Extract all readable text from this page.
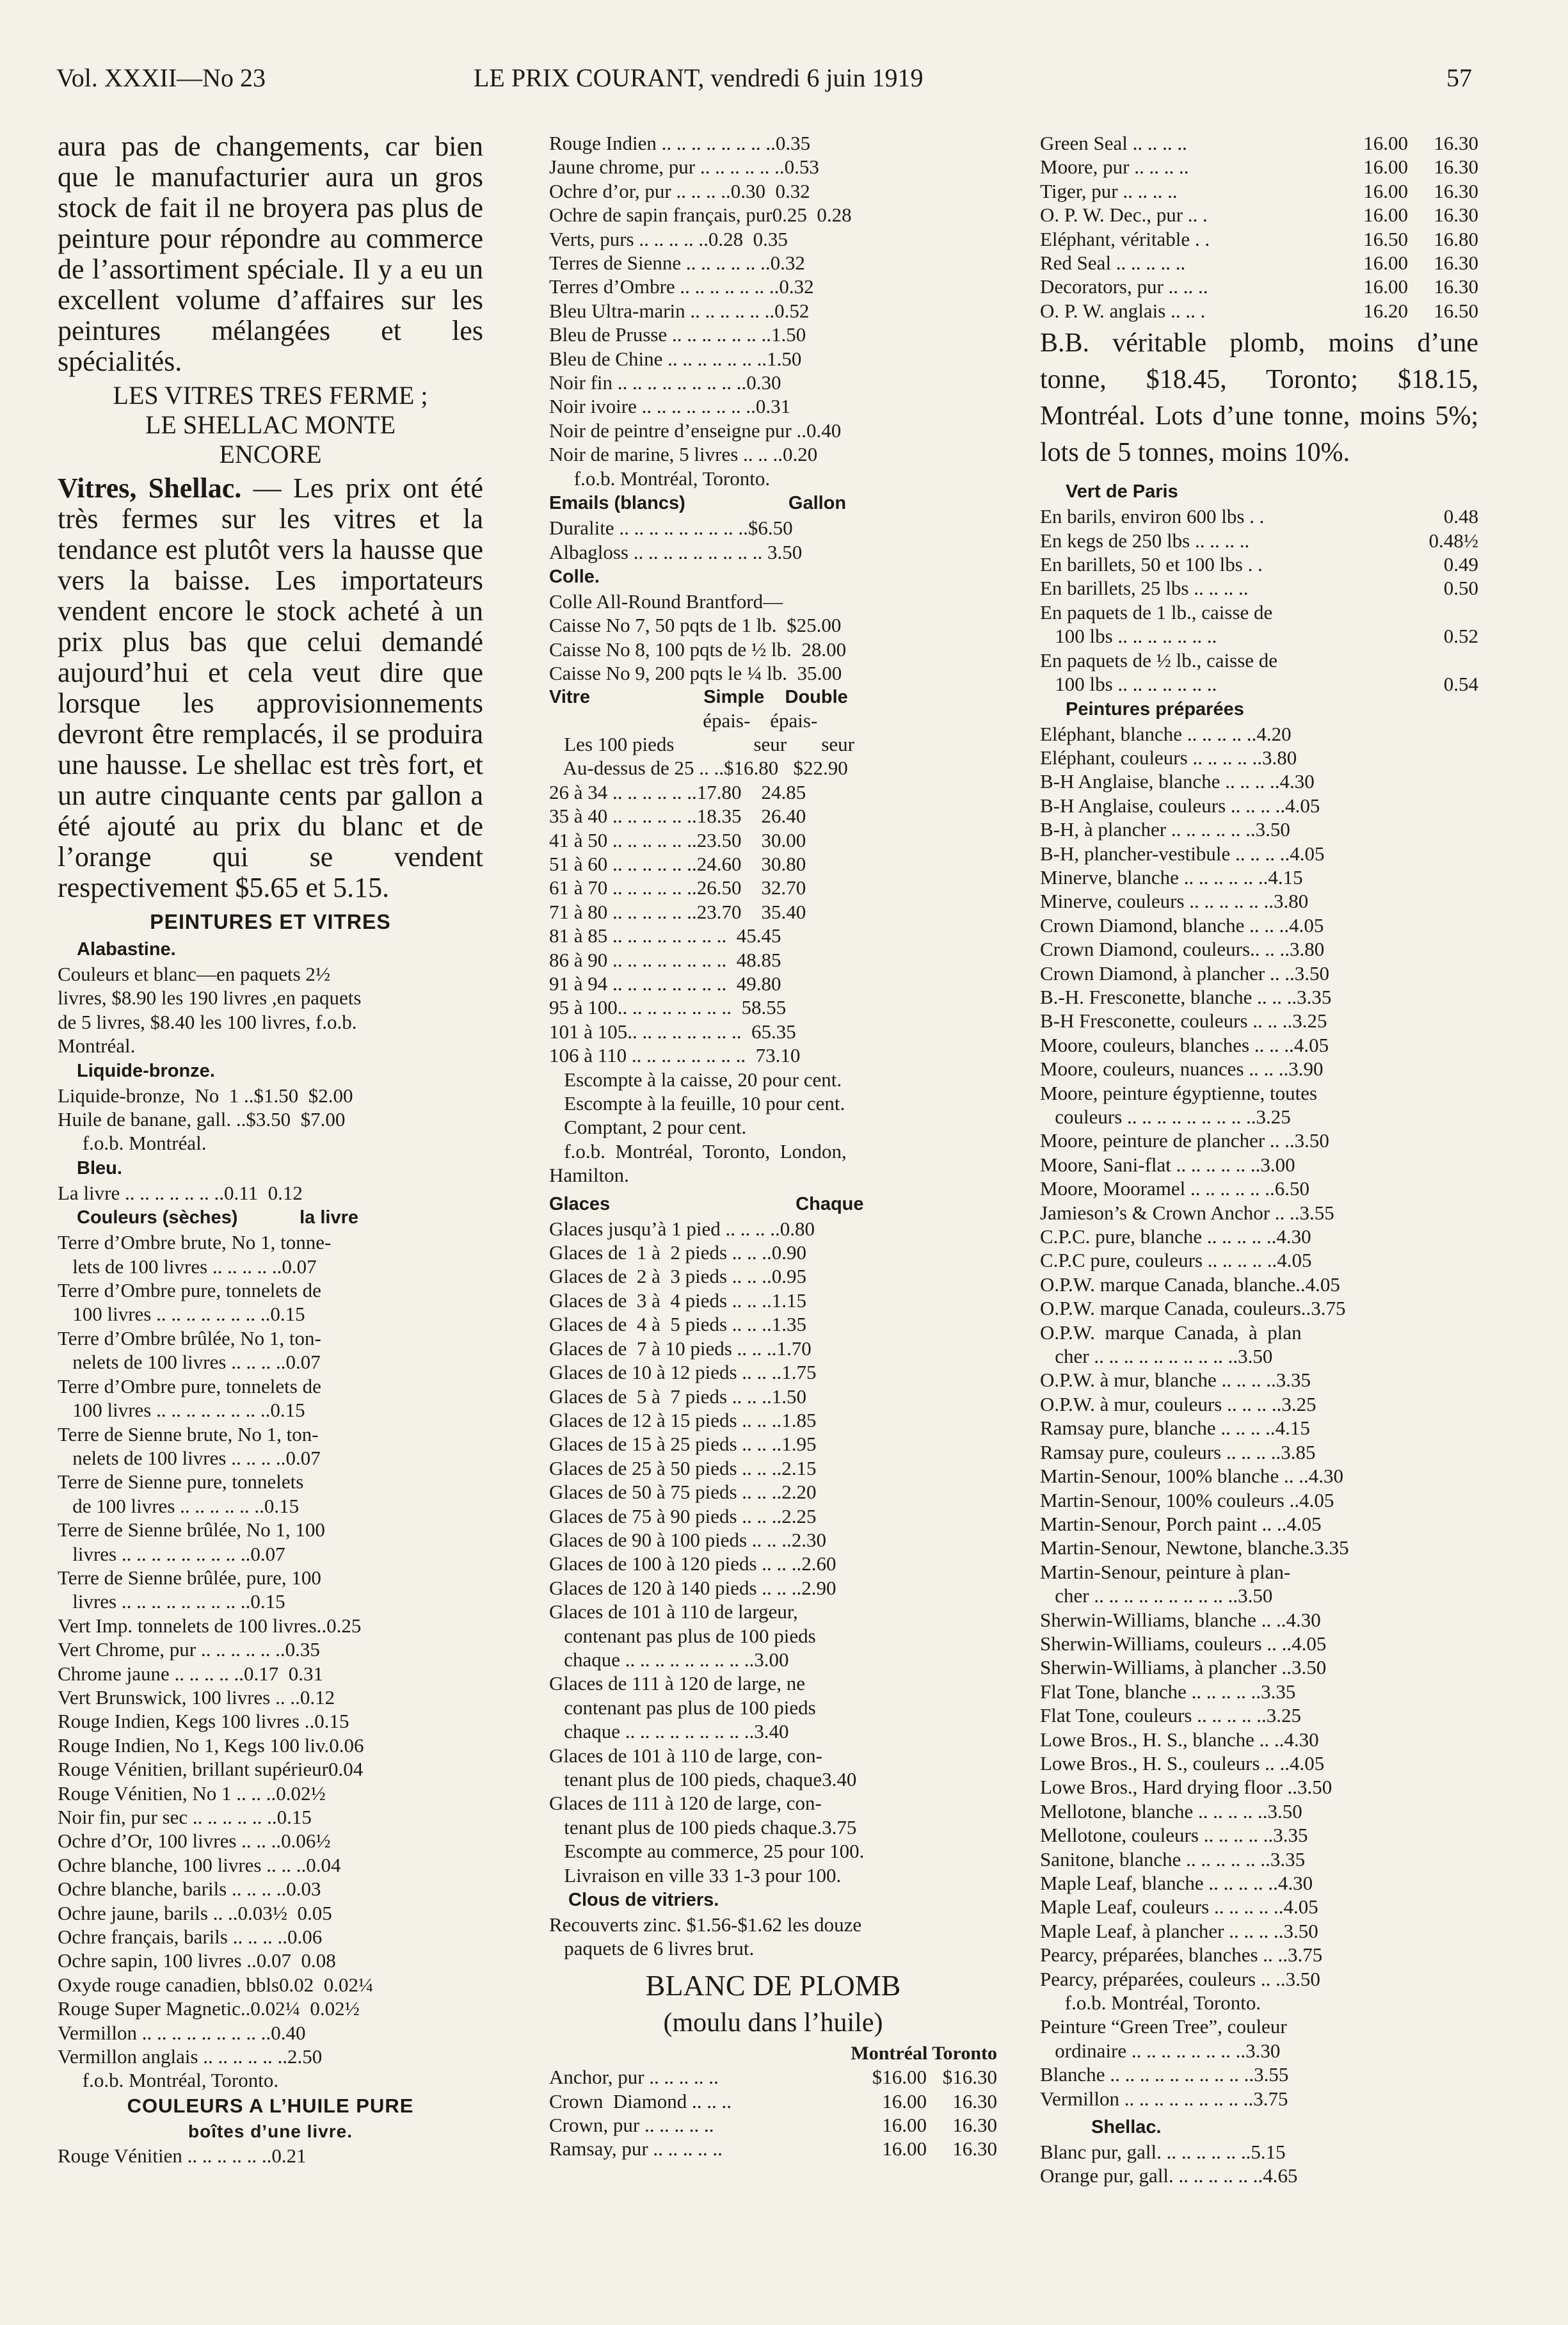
Vol. XXXII—No 23	LE PRIX COURANT, vendredi 6 juin 1919	57

aura pas de changements, car bien que le manufacturier aura un gros stock de fait il ne broyera pas plus de peinture pour répondre au commerce de l’assortiment spéciale. Il y a eu un excellent volume d’affaires sur les peintures mélangées et les spécialités.

LES VITRES TRES FERME ;
LE SHELLAC MONTE
ENCORE

Vitres, Shellac. — Les prix ont été très fermes sur les vitres et la tendance est plutôt vers la hausse que vers la baisse. Les importateurs vendent encore le stock acheté à un prix plus bas que celui demandé aujourd’hui et cela veut dire que lorsque les approvisionnements devront être remplacés, il se produira une hausse. Le shellac est très fort, et un autre cinquante cents par gallon a été ajouté au prix du blanc et de l’orange qui se vendent respectivement $5.65 et 5.15.

PEINTURES ET VITRES
Alabastine.
Couleurs et blanc—en paquets 2½
livres, $8.90 les 190 livres ,en paquets
de 5 livres, $8.40 les 100 livres, f.o.b.
Montréal.
Liquide-bronze.
Liquide-bronze,  No  1 ..$1.50  $2.00
Huile de banane, gall. ..$3.50  $7.00
f.o.b. Montréal.
Bleu.
La livre .. .. .. .. .. .. ..0.11  0.12
Couleurs (sèches)            la livre
Terre d’Ombre brute, No 1, tonne-
lets de 100 livres .. .. .. .. ..0.07
Terre d’Ombre pure, tonnelets de
100 livres .. .. .. .. .. .. .. ..0.15
Terre d’Ombre brûlée, No 1, ton-
nelets de 100 livres .. .. .. ..0.07
Terre d’Ombre pure, tonnelets de
100 livres .. .. .. .. .. .. .. ..0.15
Terre de Sienne brute, No 1, ton-
nelets de 100 livres .. .. .. ..0.07
Terre de Sienne pure, tonnelets
de 100 livres .. .. .. .. .. ..0.15
Terre de Sienne brûlée, No 1, 100
livres .. .. .. .. .. .. .. .. ..0.07
Terre de Sienne brûlée, pure, 100
livres .. .. .. .. .. .. .. .. ..0.15
Vert Imp. tonnelets de 100 livres..0.25
Vert Chrome, pur .. .. .. .. .. ..0.35
Chrome jaune .. .. .. .. ..0.17  0.31
Vert Brunswick, 100 livres .. ..0.12
Rouge Indien, Kegs 100 livres ..0.15
Rouge Indien, No 1, Kegs 100 liv.0.06
Rouge Vénitien, brillant supérieur0.04
Rouge Vénitien, No 1 .. .. ..0.02½
Noir fin, pur sec .. .. .. .. .. ..0.15
Ochre d’Or, 100 livres .. .. ..0.06½
Ochre blanche, 100 livres .. .. ..0.04
Ochre blanche, barils .. .. .. ..0.03
Ochre jaune, barils .. ..0.03½  0.05
Ochre français, barils .. .. .. ..0.06
Ochre sapin, 100 livres ..0.07  0.08
Oxyde rouge canadien, bbls0.02  0.02¼
Rouge Super Magnetic..0.02¼  0.02½
Vermillon .. .. .. .. .. .. .. .. ..0.40
Vermillon anglais .. .. .. .. .. ..2.50
f.o.b. Montréal, Toronto.
COULEURS A L’HUILE PURE
boîtes d’une livre.
Rouge Vénitien .. .. .. .. .. ..0.21
Rouge Indien .. .. .. .. .. .. .. ..0.35
Jaune chrome, pur .. .. .. .. .. ..0.53
Ochre d’or, pur .. .. .. ..0.30  0.32
Ochre de sapin français, pur0.25  0.28
Verts, purs .. .. .. .. ..0.28  0.35
Terres de Sienne .. .. .. .. .. ..0.32
Terres d’Ombre .. .. .. .. .. .. ..0.32
Bleu Ultra-marin .. .. .. .. .. ..0.52
Bleu de Prusse .. .. .. .. .. .. ..1.50
Bleu de Chine .. .. .. .. .. .. ..1.50
Noir fin .. .. .. .. .. .. .. .. ..0.30
Noir ivoire .. .. .. .. .. .. .. ..0.31
Noir de peintre d’enseigne pur ..0.40
Noir de marine, 5 livres .. .. ..0.20
f.o.b. Montréal, Toronto.
Emails (blancs)                    Gallon
Duralite .. .. .. .. .. .. .. .. ..$6.50
Albagloss .. .. .. .. .. .. .. .. .. 3.50
Colle.
Colle All-Round Brantford—
Caisse No 7, 50 pqts de 1 lb.  $25.00
Caisse No 8, 100 pqts de ½ lb.  28.00
Caisse No 9, 200 pqts le ¼ lb.  35.00
Vitre                      Simple    Double
épais-    épais-
Les 100 pieds                seur       seur
Au-dessus de 25 .. ..$16.80   $22.90
26 à 34 .. .. .. .. .. ..17.80    24.85
35 à 40 .. .. .. .. .. ..18.35    26.40
41 à 50 .. .. .. .. .. ..23.50    30.00
51 à 60 .. .. .. .. .. ..24.60    30.80
61 à 70 .. .. .. .. .. ..26.50    32.70
71 à 80 .. .. .. .. .. ..23.70    35.40
81 à 85 .. .. .. .. .. .. .. ..  45.45
86 à 90 .. .. .. .. .. .. .. ..  48.85
91 à 94 .. .. .. .. .. .. .. ..  49.80
95 à 100.. .. .. .. .. .. .. ..  58.55
101 à 105.. .. .. .. .. .. .. ..  65.35
106 à 110 .. .. .. .. .. .. .. ..  73.10
Escompte à la caisse, 20 pour cent.
Escompte à la feuille, 10 pour cent.
Comptant, 2 pour cent.
f.o.b.  Montréal,  Toronto,  London,
Hamilton.
Glaces                                    Chaque
Glaces jusqu’à 1 pied .. .. .. ..0.80
Glaces de  1 à  2 pieds .. .. ..0.90
Glaces de  2 à  3 pieds .. .. ..0.95
Glaces de  3 à  4 pieds .. .. ..1.15
Glaces de  4 à  5 pieds .. .. ..1.35
Glaces de  7 à 10 pieds .. .. ..1.70
Glaces de 10 à 12 pieds .. .. ..1.75
Glaces de  5 à  7 pieds .. .. ..1.50
Glaces de 12 à 15 pieds .. .. ..1.85
Glaces de 15 à 25 pieds .. .. ..1.95
Glaces de 25 à 50 pieds .. .. ..2.15
Glaces de 50 à 75 pieds .. .. ..2.20
Glaces de 75 à 90 pieds .. .. ..2.25
Glaces de 90 à 100 pieds .. .. ..2.30
Glaces de 100 à 120 pieds .. .. ..2.60
Glaces de 120 à 140 pieds .. .. ..2.90
Glaces de 101 à 110 de largeur,
contenant pas plus de 100 pieds
chaque .. .. .. .. .. .. .. .. ..3.00
Glaces de 111 à 120 de large, ne
contenant pas plus de 100 pieds
chaque .. .. .. .. .. .. .. .. ..3.40
Glaces de 101 à 110 de large, con-
tenant plus de 100 pieds, chaque3.40
Glaces de 111 à 120 de large, con-
tenant plus de 100 pieds chaque.3.75
Escompte au commerce, 25 pour 100.
Livraison en ville 33 1-3 pour 100.
Clous de vitriers.
Recouverts zinc. $1.56-$1.62 les douze
paquets de 6 livres brut.
BLANC DE PLOMB
(moulu dans l’huile)
Montréal Toronto
Anchor, pur .. .. .. .. ..	$16.00 $16.30
Crown  Diamond .. .. ..	16.00	16.30
Crown, pur .. .. .. .. ..	16.00	16.30
Ramsay, pur .. .. .. .. ..	16.00	16.30
Green Seal .. .. .. ..	16.00	16.30
Moore, pur .. .. .. ..	16.00	16.30
Tiger, pur .. .. .. ..	16.00	16.30
O. P. W. Dec., pur .. .	16.00	16.30
Eléphant, véritable . .	16.50	16.80
Red Seal .. .. .. .. ..	16.00	16.30
Decorators, pur .. .. ..	16.00	16.30
O. P. W. anglais .. .. .	16.20	16.50

B.B. véritable plomb, moins d’une tonne, $18.45, Toronto; $18.15, Montréal. Lots d’une tonne, moins 5%; lots de 5 tonnes, moins 10%.

Vert de Paris
En barils, environ 600 lbs . .	0.48
En kegs de 250 lbs .. .. .. ..	0.48½
En barillets, 50 et 100 lbs . .	0.49
En barillets, 25 lbs .. .. .. ..	0.50
En paquets de 1 lb., caisse de
100 lbs .. .. .. .. .. .. ..	0.52
En paquets de ½ lb., caisse de
100 lbs .. .. .. .. .. .. ..	0.54
Peintures préparées
Eléphant, blanche .. .. .. .. ..4.20
Eléphant, couleurs .. .. .. .. ..3.80
B-H Anglaise, blanche .. .. .. ..4.30
B-H Anglaise, couleurs .. .. .. ..4.05
B-H, à plancher .. .. .. .. .. ..3.50
B-H, plancher-vestibule .. .. .. ..4.05
Minerve, blanche .. .. .. .. .. ..4.15
Minerve, couleurs .. .. .. .. .. ..3.80
Crown Diamond, blanche .. .. ..4.05
Crown Diamond, couleurs.. .. ..3.80
Crown Diamond, à plancher .. ..3.50
B.-H. Fresconette, blanche .. .. ..3.35
B-H Fresconette, couleurs .. .. ..3.25
Moore, couleurs, blanches .. .. ..4.05
Moore, couleurs, nuances .. .. ..3.90
Moore, peinture égyptienne, toutes
couleurs .. .. .. .. .. .. .. .. ..3.25
Moore, peinture de plancher .. ..3.50
Moore, Sani-flat .. .. .. .. .. ..3.00
Moore, Mooramel .. .. .. .. .. ..6.50
Jamieson’s & Crown Anchor .. ..3.55
C.P.C. pure, blanche .. .. .. .. ..4.30
C.P.C pure, couleurs .. .. .. .. ..4.05
O.P.W. marque Canada, blanche..4.05
O.P.W. marque Canada, couleurs..3.75
O.P.W.  marque  Canada,  à  plan
cher .. .. .. .. .. .. .. .. .. ..3.50
O.P.W. à mur, blanche .. .. .. ..3.35
O.P.W. à mur, couleurs .. .. .. ..3.25
Ramsay pure, blanche .. .. .. ..4.15
Ramsay pure, couleurs .. .. .. ..3.85
Martin-Senour, 100% blanche .. ..4.30
Martin-Senour, 100% couleurs ..4.05
Martin-Senour, Porch paint .. ..4.05
Martin-Senour, Newtone, blanche.3.35
Martin-Senour, peinture à plan-
cher .. .. .. .. .. .. .. .. .. ..3.50
Sherwin-Williams, blanche .. ..4.30
Sherwin-Williams, couleurs .. ..4.05
Sherwin-Williams, à plancher ..3.50
Flat Tone, blanche .. .. .. .. ..3.35
Flat Tone, couleurs .. .. .. .. ..3.25
Lowe Bros., H. S., blanche .. ..4.30
Lowe Bros., H. S., couleurs .. ..4.05
Lowe Bros., Hard drying floor ..3.50
Mellotone, blanche .. .. .. .. ..3.50
Mellotone, couleurs .. .. .. .. ..3.35
Sanitone, blanche .. .. .. .. .. ..3.35
Maple Leaf, blanche .. .. .. .. ..4.30
Maple Leaf, couleurs .. .. .. .. ..4.05
Maple Leaf, à plancher .. .. .. ..3.50
Pearcy, préparées, blanches .. ..3.75
Pearcy, préparées, couleurs .. ..3.50
f.o.b. Montréal, Toronto.
Peinture “Green Tree”, couleur
ordinaire .. .. .. .. .. .. .. ..3.30
Blanche .. .. .. .. .. .. .. .. .. ..3.55
Vermillon .. .. .. .. .. .. .. .. ..3.75
Shellac.
Blanc pur, gall. .. .. .. .. .. ..5.15
Orange pur, gall. .. .. .. .. .. ..4.65
